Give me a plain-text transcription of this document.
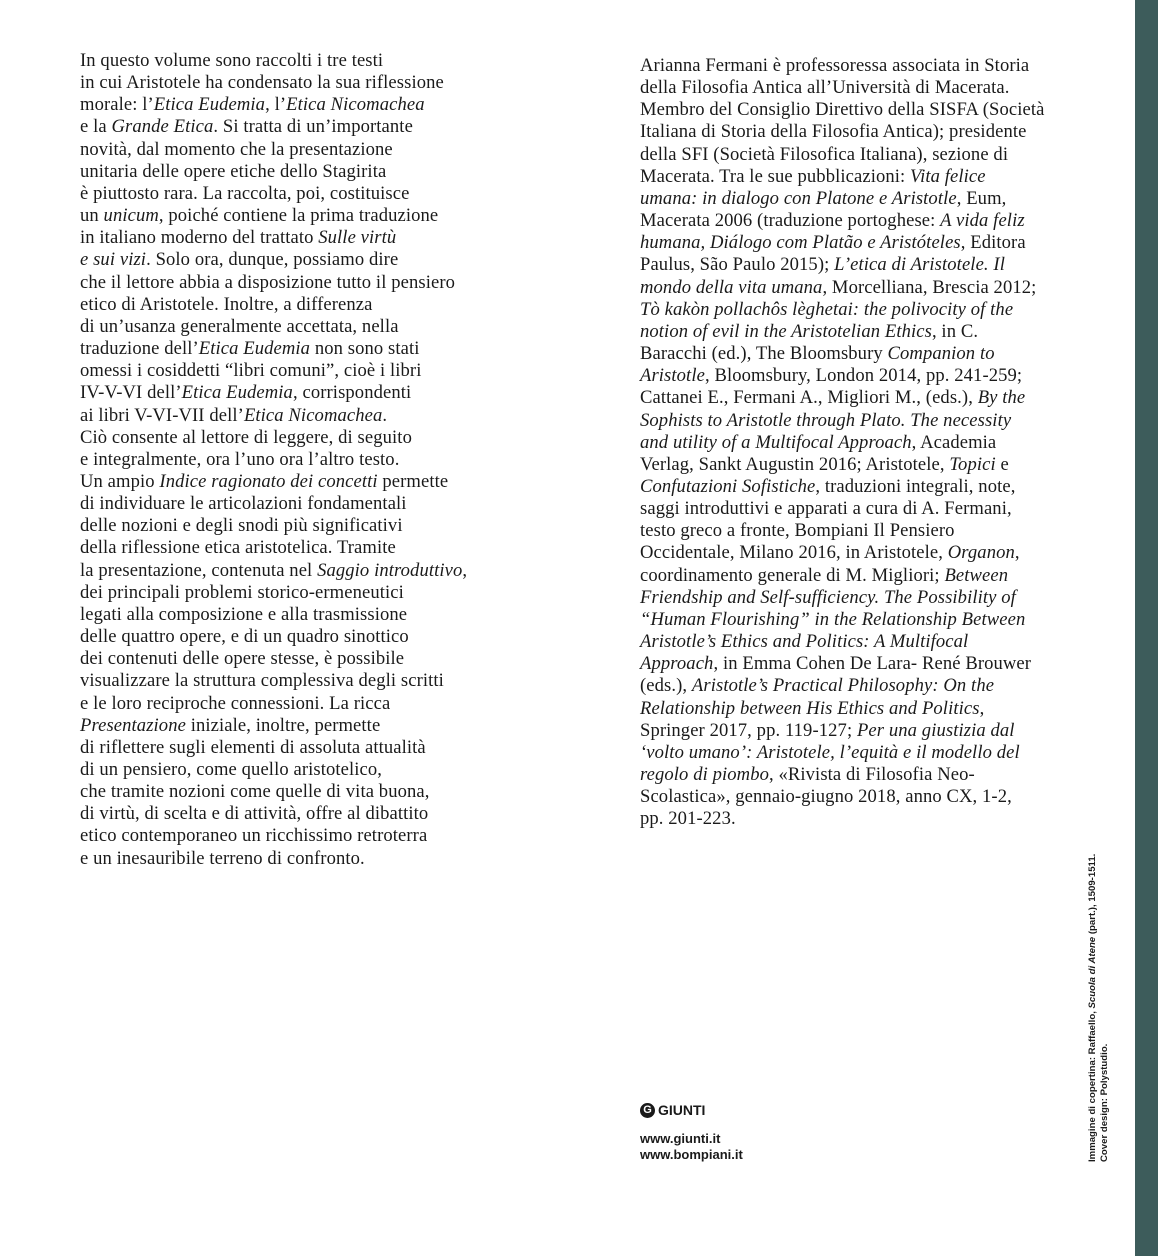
In questo volume sono raccolti i tre testi
in cui Aristotele ha condensato la sua riflessione
morale: l’Etica Eudemia, l’Etica Nicomachea
e la Grande Etica. Si tratta di un’importante
novità, dal momento che la presentazione
unitaria delle opere etiche dello Stagirita
è piuttosto rara. La raccolta, poi, costituisce
un unicum, poiché contiene la prima traduzione
in italiano moderno del trattato Sulle virtù
e sui vizi. Solo ora, dunque, possiamo dire
che il lettore abbia a disposizione tutto il pensiero
etico di Aristotele. Inoltre, a differenza
di un’usanza generalmente accettata, nella
traduzione dell’Etica Eudemia non sono stati
omessi i cosiddetti “libri comuni”, cioè i libri
IV-V-VI dell’Etica Eudemia, corrispondenti
ai libri V-VI-VII dell’Etica Nicomachea.
Ciò consente al lettore di leggere, di seguito
e integralmente, ora l’uno ora l’altro testo.
Un ampio Indice ragionato dei concetti permette
di individuare le articolazioni fondamentali
delle nozioni e degli snodi più significativi
della riflessione etica aristotelica. Tramite
la presentazione, contenuta nel Saggio introduttivo,
dei principali problemi storico-ermeneutici
legati alla composizione e alla trasmissione
delle quattro opere, e di un quadro sinottico
dei contenuti delle opere stesse, è possibile
visualizzare la struttura complessiva degli scritti
e le loro reciproche connessioni. La ricca
Presentazione iniziale, inoltre, permette
di riflettere sugli elementi di assoluta attualità
di un pensiero, come quello aristotelico,
che tramite nozioni come quelle di vita buona,
di virtù, di scelta e di attività, offre al dibattito
etico contemporaneo un ricchissimo retroterra
e un inesauribile terreno di confronto.
Arianna Fermani è professoressa associata in Storia
della Filosofia Antica all’Università di Macerata.
Membro del Consiglio Direttivo della SISFA (Società
Italiana di Storia della Filosofia Antica); presidente
della SFI (Società Filosofica Italiana), sezione di
Macerata. Tra le sue pubblicazioni: Vita felice
umana: in dialogo con Platone e Aristotle, Eum,
Macerata 2006 (traduzione portoghese: A vida feliz
humana, Diálogo com Platão e Aristóteles, Editora
Paulus, São Paulo 2015); L’etica di Aristotele. Il
mondo della vita umana, Morcelliana, Brescia 2012;
Tò kakòn pollachôs lèghetai: the polivocity of the
notion of evil in the Aristotelian Ethics, in C.
Baracchi (ed.), The Bloomsbury Companion to
Aristotle, Bloomsbury, London 2014, pp. 241-259;
Cattanei E., Fermani A., Migliori M., (eds.), By the
Sophists to Aristotle through Plato. The necessity
and utility of a Multifocal Approach, Academia
Verlag, Sankt Augustin 2016; Aristotele, Topici e
Confutazioni Sofistiche, traduzioni integrali, note,
saggi introduttivi e apparati a cura di A. Fermani,
testo greco a fronte, Bompiani Il Pensiero
Occidentale, Milano 2016, in Aristotele, Organon,
coordinamento generale di M. Migliori; Between
Friendship and Self-sufficiency. The Possibility of
“Human Flourishing” in the Relationship Between
Aristotle’s Ethics and Politics: A Multifocal
Approach, in Emma Cohen De Lara- René Brouwer
(eds.), Aristotle’s Practical Philosophy: On the
Relationship between His Ethics and Politics,
Springer 2017, pp. 119-127; Per una giustizia dal
‘volto umano’: Aristotele, l’equità e il modello del
regolo di piombo, «Rivista di Filosofia Neo-
Scolastica», gennaio-giugno 2018, anno CX, 1-2,
pp. 201-223.
G GIUNTI
www.giunti.it
www.bompiani.it	Immagine di copertina: Raffaello, Scuola di Atene (part.), 1509-1511.
Cover design: Polystudio.
